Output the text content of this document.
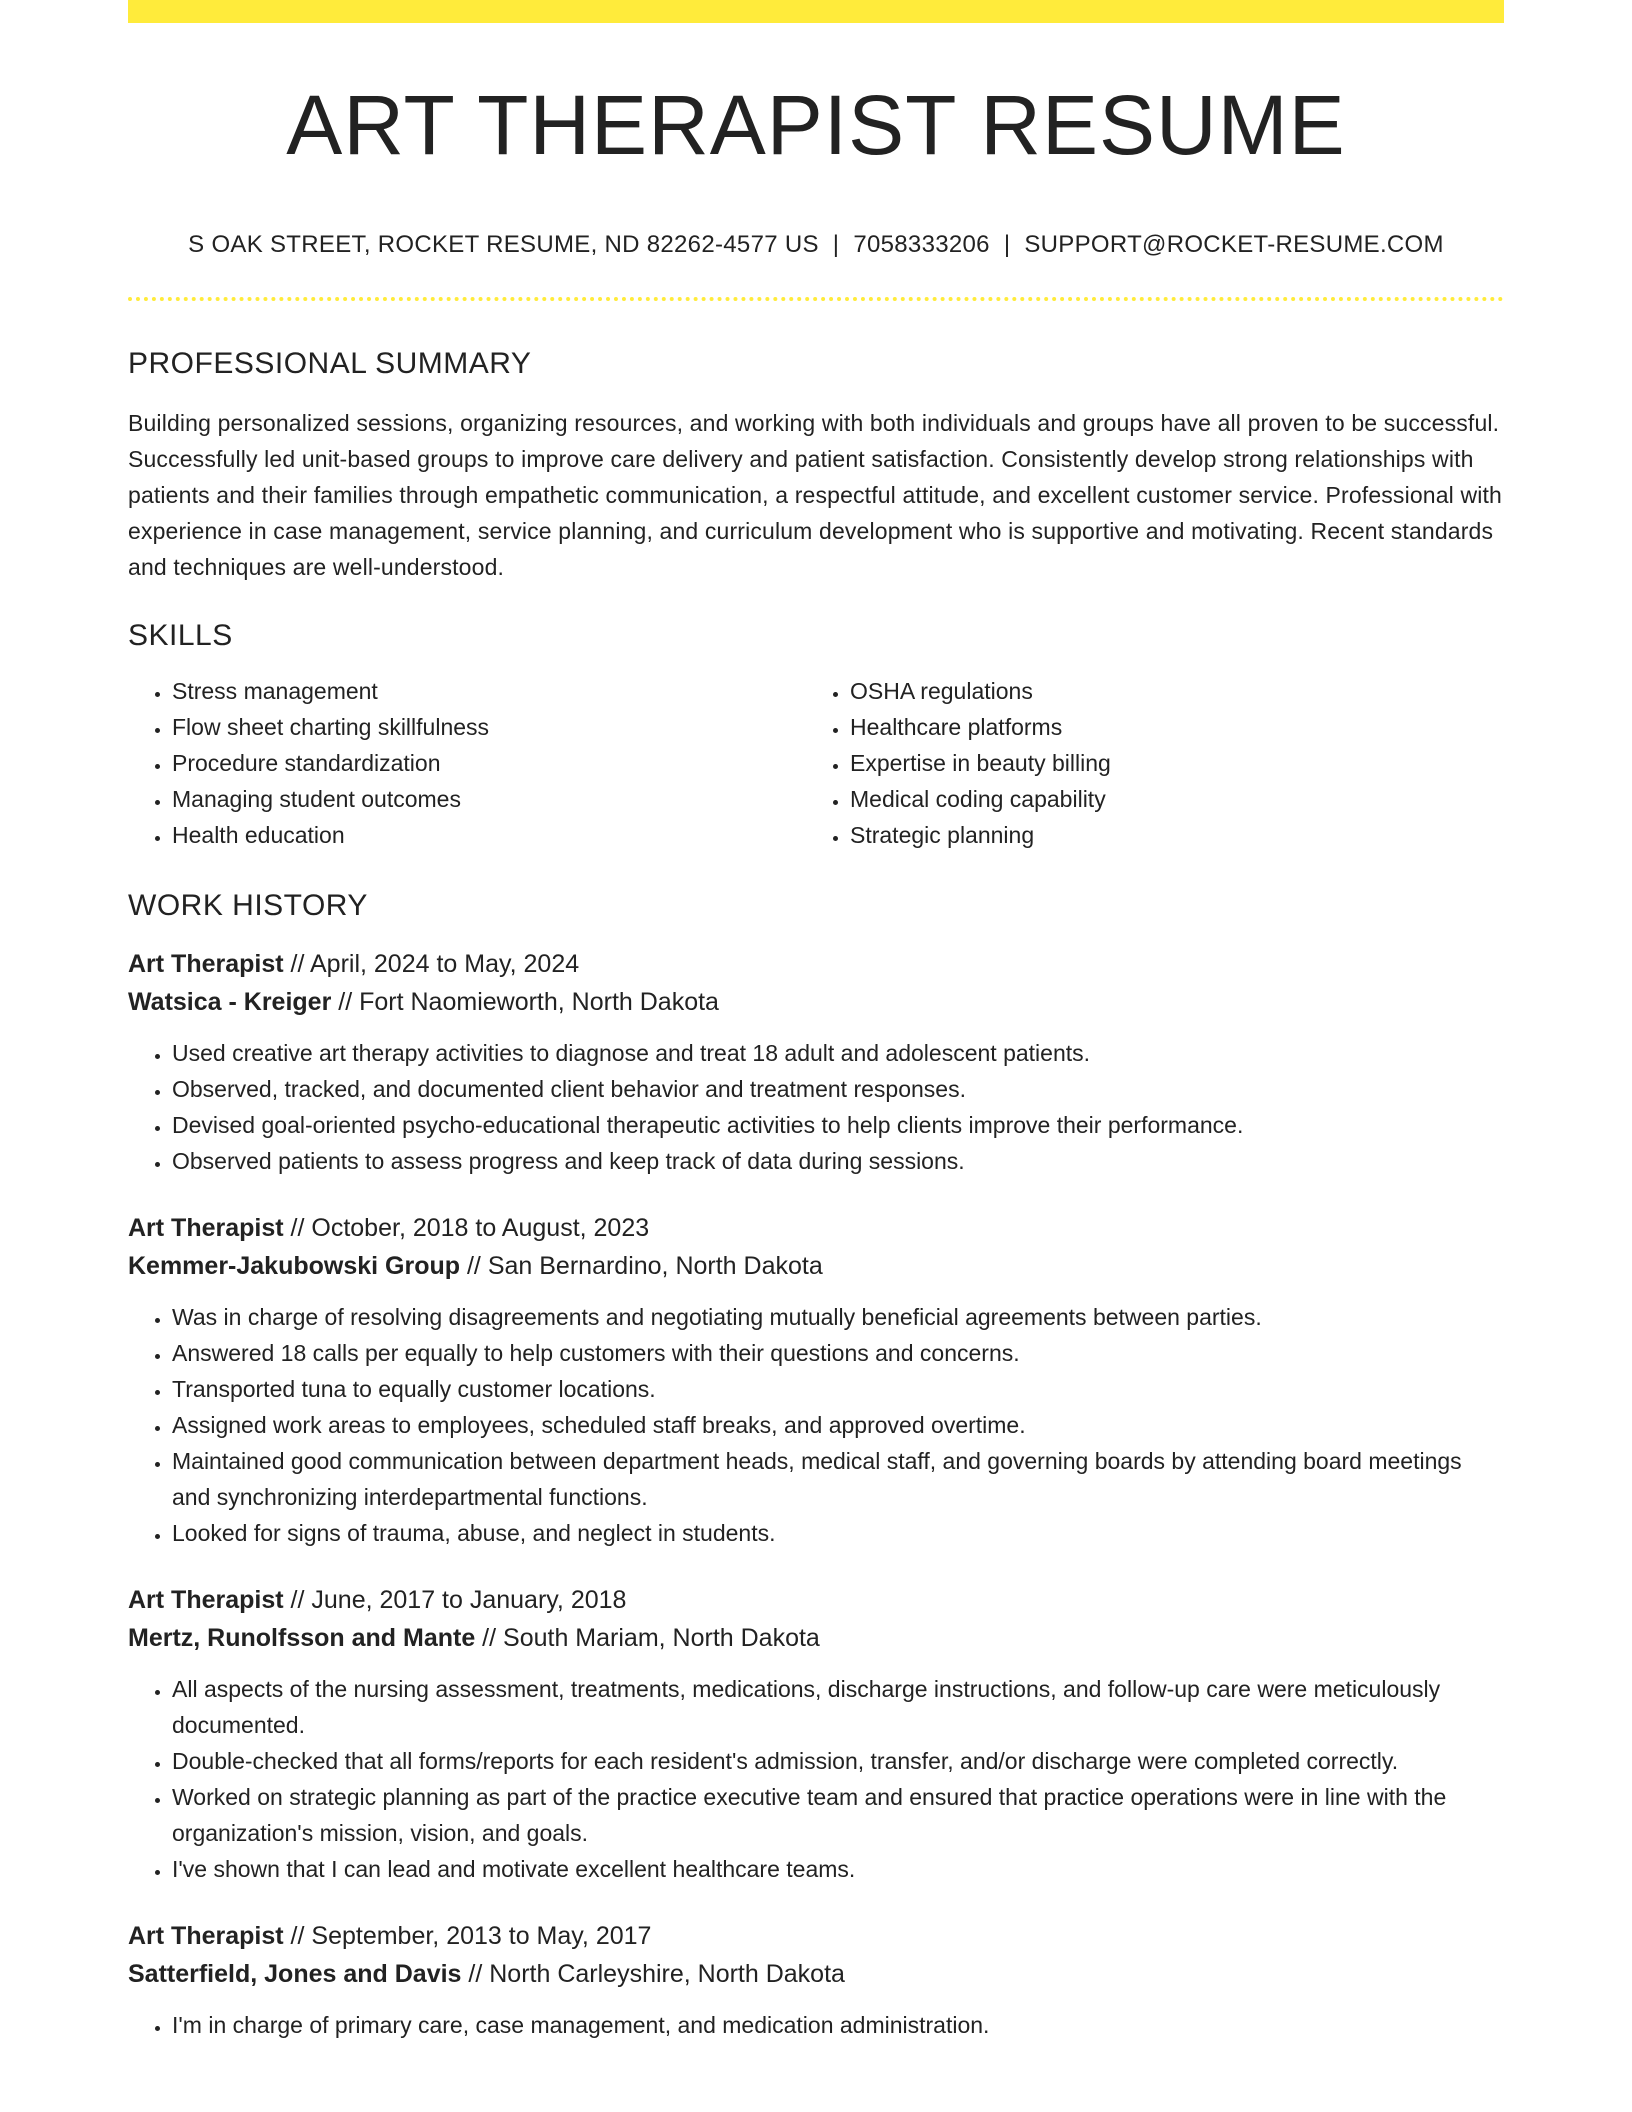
ART THERAPIST RESUME
S OAK STREET, ROCKET RESUME, ND 82262-4577 US | 7058333206 | SUPPORT@ROCKET-RESUME.COM
PROFESSIONAL SUMMARY

Building personalized sessions, organizing resources, and working with both individuals and groups have all proven to be successful. Successfully led unit-based groups to improve care delivery and patient satisfaction. Consistently develop strong relationships with patients and their families through empathetic communication, a respectful attitude, and excellent customer service. Professional with experience in case management, service planning, and curriculum development who is supportive and motivating. Recent standards and techniques are well-understood.

SKILLS
• Stress management
• Flow sheet charting skillfulness
• Procedure standardization
• Managing student outcomes
• Health education
• OSHA regulations
• Healthcare platforms
• Expertise in beauty billing
• Medical coding capability
• Strategic planning
WORK HISTORY

Art Therapist // April, 2024 to May, 2024

Watsica - Kreiger // Fort Naomieworth, North Dakota

• Used creative art therapy activities to diagnose and treat 18 adult and adolescent patients.
• Observed, tracked, and documented client behavior and treatment responses.
• Devised goal-oriented psycho-educational therapeutic activities to help clients improve their performance.
• Observed patients to assess progress and keep track of data during sessions.

Art Therapist // October, 2018 to August, 2023

Kemmer-Jakubowski Group // San Bernardino, North Dakota

• Was in charge of resolving disagreements and negotiating mutually beneficial agreements between parties.
• Answered 18 calls per equally to help customers with their questions and concerns.
• Transported tuna to equally customer locations.
• Assigned work areas to employees, scheduled staff breaks, and approved overtime.
• Maintained good communication between department heads, medical staff, and governing boards by attending board meetings and synchronizing interdepartmental functions.
• Looked for signs of trauma, abuse, and neglect in students.

Art Therapist // June, 2017 to January, 2018

Mertz, Runolfsson and Mante // South Mariam, North Dakota

• All aspects of the nursing assessment, treatments, medications, discharge instructions, and follow-up care were meticulously documented.
• Double-checked that all forms/reports for each resident's admission, transfer, and/or discharge were completed correctly.
• Worked on strategic planning as part of the practice executive team and ensured that practice operations were in line with the organization's mission, vision, and goals.
• I've shown that I can lead and motivate excellent healthcare teams.

Art Therapist // September, 2013 to May, 2017

Satterfield, Jones and Davis // North Carleyshire, North Dakota

• I'm in charge of primary care, case management, and medication administration.
